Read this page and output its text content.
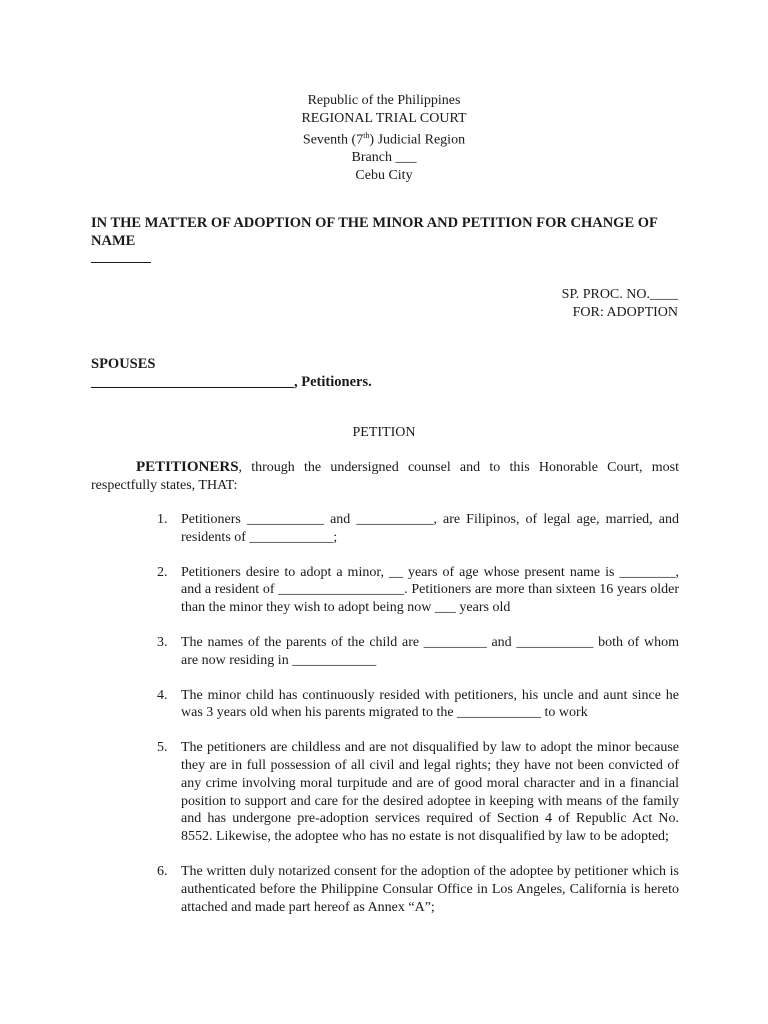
Republic of the Philippines
REGIONAL TRIAL COURT
Seventh (7th) Judicial Region
Branch ___
Cebu City
IN THE MATTER OF ADOPTION OF THE MINOR AND PETITION FOR CHANGE OF NAME
SP. PROC. NO.____
FOR: ADOPTION
SPOUSES
____________________________, Petitioners.
PETITION
PETITIONERS, through the undersigned counsel and to this Honorable Court, most respectfully states, THAT:
1. Petitioners ___________ and ___________, are Filipinos, of legal age, married, and residents of ____________;
2. Petitioners desire to adopt a minor, __ years of age whose present name is ________, and a resident of __________________. Petitioners are more than sixteen 16 years older than the minor they wish to adopt being now ___ years old
3. The names of the parents of the child are _________ and ___________ both of whom are now residing in ____________
4. The minor child has continuously resided with petitioners, his uncle and aunt since he was 3 years old when his parents migrated to the ____________ to work
5. The petitioners are childless and are not disqualified by law to adopt the minor because they are in full possession of all civil and legal rights; they have not been convicted of any crime involving moral turpitude and are of good moral character and in a financial position to support and care for the desired adoptee in keeping with means of the family and has undergone pre-adoption services required of Section 4 of Republic Act No. 8552. Likewise, the adoptee who has no estate is not disqualified by law to be adopted;
6. The written duly notarized consent for the adoption of the adoptee by petitioner which is authenticated before the Philippine Consular Office in Los Angeles, California is hereto attached and made part hereof as Annex “A”;
